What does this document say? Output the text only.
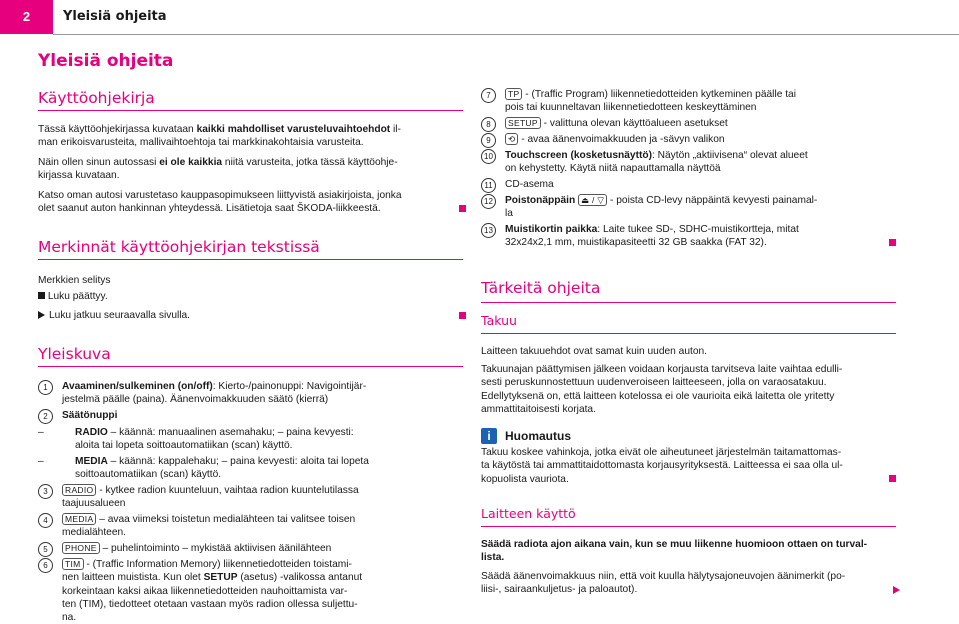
2	Yleisiä ohjeita
Yleisiä ohjeita
Käyttöohjekirja

Tässä käyttöohjekirjassa kuvataan kaikki mahdolliset varusteluvaihtoehdot il-

man erikoisvarusteita, mallivaihtoehtoja tai markkinakohtaisia varusteita.

Näin ollen sinun autossasi ei ole kaikkia niitä varusteita, jotka tässä käyttöohje-

kirjassa kuvataan.

Katso oman autosi varustetaso kauppasopimukseen liittyvistä asiakirjoista, jonka

olet saanut auton hankinnan yhteydessä. Lisätietoja saat ŠKODA-liikkeestä.

Merkinnät käyttöohjekirjan tekstissä
Merkkien selitys
Luku päättyy.
Luku jatkuu seuraavalla sivulla.
Yleiskuva
1	Avaaminen/sulkeminen (on/off): Kierto-/painonuppi: Navigointijär-

jestelmä päälle (paina). Äänenvoimakkuuden säätö (kierrä)

2	Säätönuppi

–	RADIO – käännä: manuaalinen asemahaku; – paina kevyesti:

aloita tai lopeta soittoautomatiikan (scan) käyttö.

–	MEDIA – käännä: kappalehaku; – paina kevyesti: aloita tai lopeta

soittoautomatiikan (scan) käyttö.

3	RADIO - kytkee radion kuunteluun, vaihtaa radion kuuntelutilassa

taajuusalueen

4	MEDIA – avaa viimeksi toistetun medialähteen tai valitsee toisen

medialähteen.

5	PHONE – puhelintoiminto – mykistää aktiivisen äänilähteen

6	TIM - (Traffic Information Memory) liikennetiedotteiden toistami-

nen laitteen muistista. Kun olet SETUP (asetus) -valikossa antanut

korkeintaan kaksi aikaa liikennetiedotteiden nauhoittamista var-

ten (TIM), tiedotteet otetaan vastaan myös radion ollessa suljettu-

na.

7	TP - (Traffic Program) liikennetiedotteiden kytkeminen päälle tai

pois tai kuunneltavan liikennetiedotteen keskeyttäminen

8	SETUP - valittuna olevan käyttöalueen asetukset

9	⟲ - avaa äänenvoimakkuuden ja -sävyn valikon

10 Touchscreen (kosketusnäyttö): Näytön „aktiivisena“ olevat alueet

on kehystetty. Käytä niitä napauttamalla näyttöä

11	CD-asema

12 Poistonäppäin ⏏ / ▽ - poista CD-levy näppäintä kevyesti painamal-

la

13 Muistikortin paikka: Laite tukee SD-, SDHC-muistikortteja, mitat

32x24x2,1 mm, muistikapasiteetti 32 GB saakka (FAT 32).

Tärkeitä ohjeita
Takuu
Laitteen takuuehdot ovat samat kuin uuden auton.

Takuunajan päättymisen jälkeen voidaan korjausta tarvitseva laite vaihtaa edulli-

sesti peruskunnostettuun uudenveroiseen laitteeseen, jolla on varaosatakuu.

Edellytyksenä on, että laitteen kotelossa ei ole vaurioita eikä laitetta ole yritetty

ammattitaitoisesti korjata.

i	Huomautus

Takuu koskee vahinkoja, jotka eivät ole aiheutuneet järjestelmän taitamattomas-

ta käytöstä tai ammattitaidottomasta korjausyrityksestä. Laitteessa ei saa olla ul-

kopuolista vauriota.

Laitteen käyttö

Säädä radiota ajon aikana vain, kun se muu liikenne huomioon ottaen on turval-

lista.

Säädä äänenvoimakkuus niin, että voit kuulla hälytysajoneuvojen äänimerkit (po-

liisi-, sairaankuljetus- ja paloautot).
